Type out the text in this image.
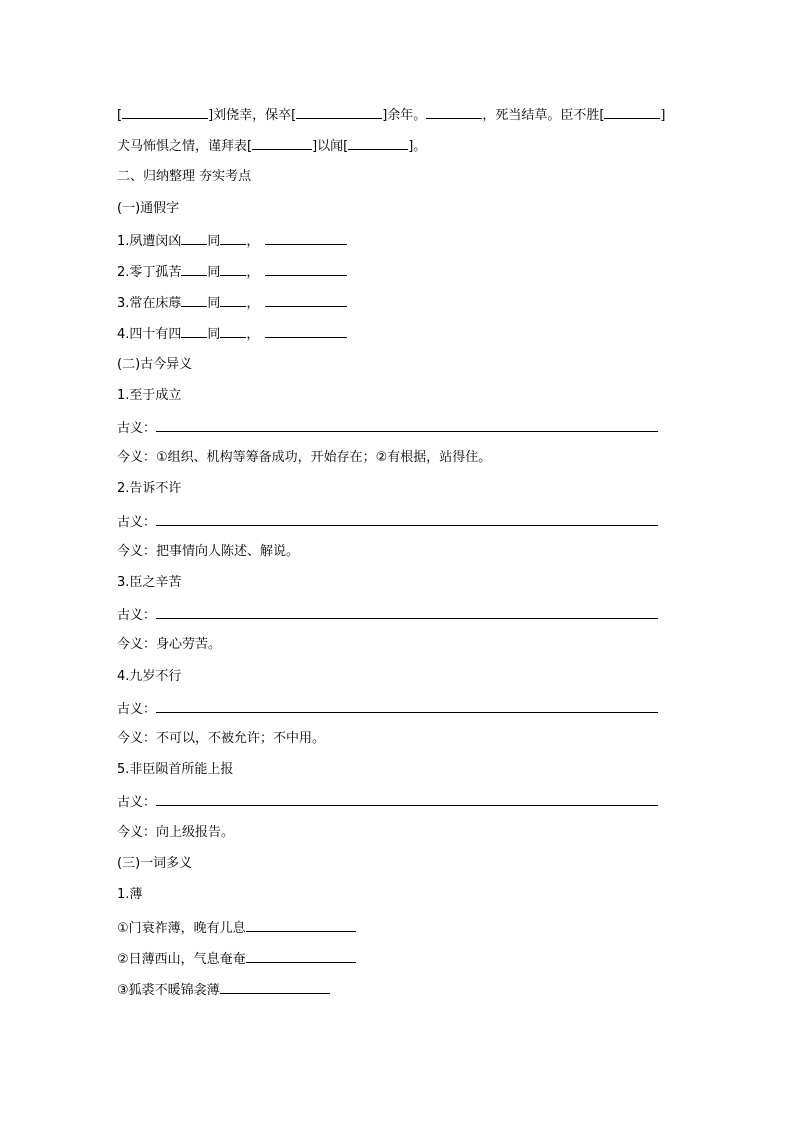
[	]刘侥幸，保卒[	]余年。	，死当结草。臣不胜[	]
犬马怖惧之情，谨拜表[	]以闻[	]。
二、归纳整理 夯实考点
(一)通假字
1.夙遭闵凶 同 ，
2.零丁孤苦 同 ，
3.常在床蓐 同 ，
4.四十有四 同 ，
(二)古今异义
1.至于成立
古义：
今义：①组织、机构等筹备成功，开始存在；②有根据，站得住。
2.告诉不许
古义：
今义：把事情向人陈述、解说。
3.臣之辛苦
古义：
今义：身心劳苦。
4.九岁不行
古义：
今义：不可以，不被允许；不中用。
5.非臣陨首所能上报
古义：
今义：向上级报告。
(三)一词多义
1.薄
①门衰祚薄，晚有儿息
②日薄西山，气息奄奄
③狐裘不暖锦衾薄
